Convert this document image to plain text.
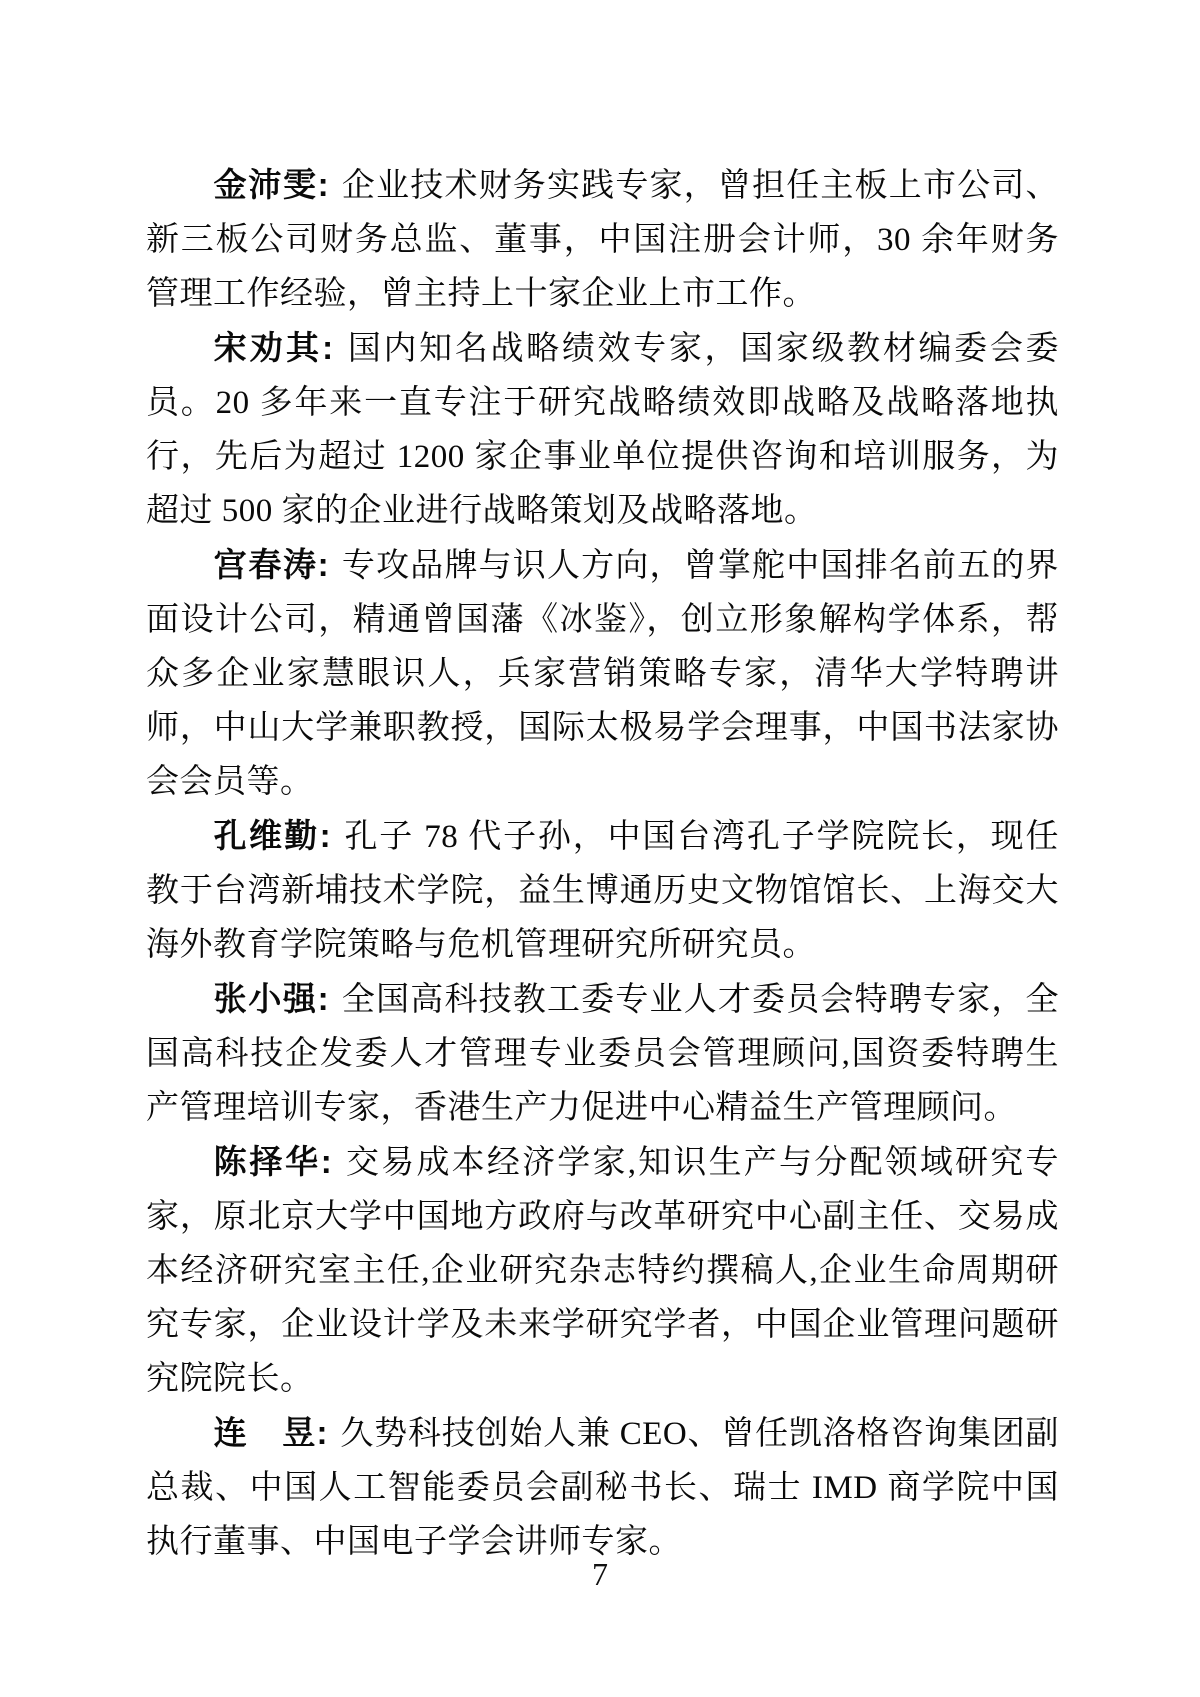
金沛雯: 企业技术财务实践专家，曾担任主板上市公司、新三板公司财务总监、董事，中国注册会计师，30 余年财务管理工作经验，曾主持上十家企业上市工作。

宋劝其: 国内知名战略绩效专家，国家级教材编委会委员。20 多年来一直专注于研究战略绩效即战略及战略落地执行，先后为超过 1200 家企事业单位提供咨询和培训服务，为超过 500 家的企业进行战略策划及战略落地。

宫春涛: 专攻品牌与识人方向，曾掌舵中国排名前五的界面设计公司，精通曾国藩《冰鉴》，创立形象解构学体系，帮众多企业家慧眼识人，兵家营销策略专家，清华大学特聘讲师，中山大学兼职教授，国际太极易学会理事，中国书法家协会会员等。

孔维勤: 孔子 78 代子孙，中国台湾孔子学院院长，现任教于台湾新埔技术学院，益生博通历史文物馆馆长、上海交大海外教育学院策略与危机管理研究所研究员。

张小强: 全国高科技教工委专业人才委员会特聘专家，全国高科技企发委人才管理专业委员会管理顾问,国资委特聘生产管理培训专家，香港生产力促进中心精益生产管理顾问。

陈择华: 交易成本经济学家,知识生产与分配领域研究专家，原北京大学中国地方政府与改革研究中心副主任、交易成本经济研究室主任,企业研究杂志特约撰稿人,企业生命周期研究专家，企业设计学及未来学研究学者，中国企业管理问题研究院院长。

连　昱: 久势科技创始人兼 CEO、曾任凯洛格咨询集团副总裁、中国人工智能委员会副秘书长、瑞士 IMD 商学院中国执行董事、中国电子学会讲师专家。

7
